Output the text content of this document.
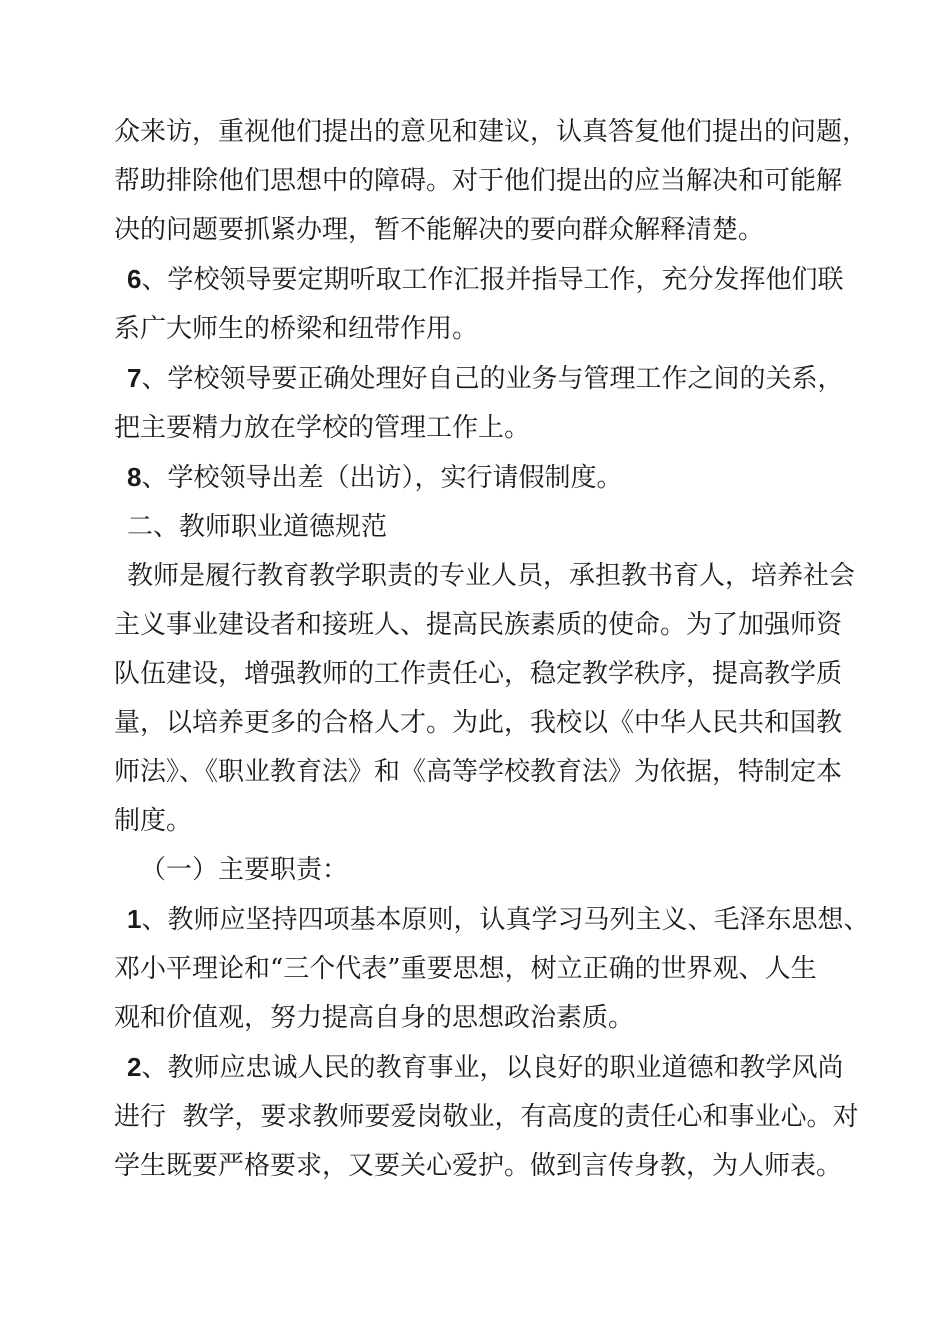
众来访，重视他们提出的意见和建议，认真答复他们提出的问题，

帮助排除他们思想中的障碍。对于他们提出的应当解决和可能解

决的问题要抓紧办理，暂不能解决的要向群众解释清楚。

6、学校领导要定期听取工作汇报并指导工作，充分发挥他们联

系广大师生的桥梁和纽带作用。

7、学校领导要正确处理好自己的业务与管理工作之间的关系，

把主要精力放在学校的管理工作上。

8、学校领导出差（出访），实行请假制度。

二、教师职业道德规范

教师是履行教育教学职责的专业人员，承担教书育人，培养社会

主义事业建设者和接班人、提高民族素质的使命。为了加强师资

队伍建设，增强教师的工作责任心，稳定教学秩序，提高教学质

量，以培养更多的合格人才。为此，我校以《中华人民共和国教

师法》、《职业教育法》和《高等学校教育法》为依据，特制定本

制度。

（一）主要职责：

1、教师应坚持四项基本原则，认真学习马列主义、毛泽东思想、

邓小平理论和“三个代表”重要思想，树立正确的世界观、人生

观和价值观，努力提高自身的思想政治素质。

2、教师应忠诚人民的教育事业，以良好的职业道德和教学风尚

进行  教学，要求教师要爱岗敬业，有高度的责任心和事业心。对

学生既要严格要求，又要关心爱护。做到言传身教，为人师表。
